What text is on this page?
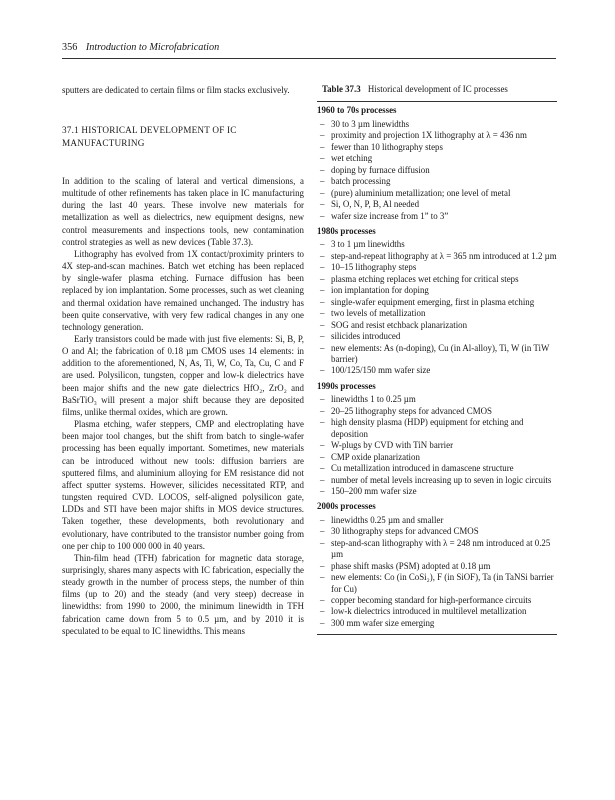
356 Introduction to Microfabrication

sputters are dedicated to certain films or film stacks exclusively.

37.1 HISTORICAL DEVELOPMENT OF IC MANUFACTURING

In addition to the scaling of lateral and vertical dimensions, a multitude of other refinements has taken place in IC manufacturing during the last 40 years. These involve new materials for metallization as well as dielectrics, new equipment designs, new control measurements and inspections tools, new contamination control strategies as well as new devices (Table 37.3).

Lithography has evolved from 1X contact/proximity printers to 4X step-and-scan machines. Batch wet etching has been replaced by single-wafer plasma etching. Furnace diffusion has been replaced by ion implantation. Some processes, such as wet cleaning and thermal oxidation have remained unchanged. The industry has been quite conservative, with very few radical changes in any one technology generation.

Early transistors could be made with just five elements: Si, B, P, O and Al; the fabrication of 0.18 µm CMOS uses 14 elements: in addition to the aforementioned, N, As, Ti, W, Co, Ta, Cu, C and F are used. Polysilicon, tungsten, copper and low-k dielectrics have been major shifts and the new gate dielectrics HfO₂, ZrO₂ and BaSrTiO₃ will present a major shift because they are deposited films, unlike thermal oxides, which are grown.

Plasma etching, wafer steppers, CMP and electroplating have been major tool changes, but the shift from batch to single-wafer processing has been equally important. Sometimes, new materials can be introduced without new tools: diffusion barriers are sputtered films, and aluminium alloying for EM resistance did not affect sputter systems. However, silicides necessitated RTP, and tungsten required CVD. LOCOS, self-aligned polysilicon gate, LDDs and STI have been major shifts in MOS device structures. Taken together, these developments, both revolutionary and evolutionary, have contributed to the transistor number going from one per chip to 100 000 000 in 40 years.

Thin-film head (TFH) fabrication for magnetic data storage, surprisingly, shares many aspects with IC fabrication, especially the steady growth in the number of process steps, the number of thin films (up to 20) and the steady (and very steep) decrease in linewidths: from 1990 to 2000, the minimum linewidth in TFH fabrication came down from 5 to 0.5 µm, and by 2010 it is speculated to be equal to IC linewidths. This means

Table 37.3 Historical development of IC processes
1960 to 70s processes
– 30 to 3 µm linewidths
– proximity and projection 1X lithography at λ = 436 nm
– fewer than 10 lithography steps
– wet etching
– doping by furnace diffusion
– batch processing
– (pure) aluminium metallization; one level of metal
– Si, O, N, P, B, Al needed
– wafer size increase from 1” to 3”
1980s processes
– 3 to 1 µm linewidths
– step-and-repeat lithography at λ = 365 nm introduced at 1.2 µm
– 10–15 lithography steps
– plasma etching replaces wet etching for critical steps
– ion implantation for doping
– single-wafer equipment emerging, first in plasma etching
– two levels of metallization
– SOG and resist etchback planarization
– silicides introduced
– new elements: As (n-doping), Cu (in Al-alloy), Ti, W (in TiW barrier)
– 100/125/150 mm wafer size
1990s processes
– linewidths 1 to 0.25 µm
– 20–25 lithography steps for advanced CMOS
– high density plasma (HDP) equipment for etching and deposition
– W-plugs by CVD with TiN barrier
– CMP oxide planarization
– Cu metallization introduced in damascene structure
– number of metal levels increasing up to seven in logic circuits
– 150–200 mm wafer size
2000s processes
– linewidths 0.25 µm and smaller
– 30 lithography steps for advanced CMOS
– step-and-scan lithography with λ = 248 nm introduced at 0.25 µm
– phase shift masks (PSM) adopted at 0.18 µm
– new elements: Co (in CoSi₂), F (in SiOF), Ta (in TaNSi barrier for Cu)
– copper becoming standard for high-performance circuits
– low-k dielectrics introduced in multilevel metallization
– 300 mm wafer size emerging
